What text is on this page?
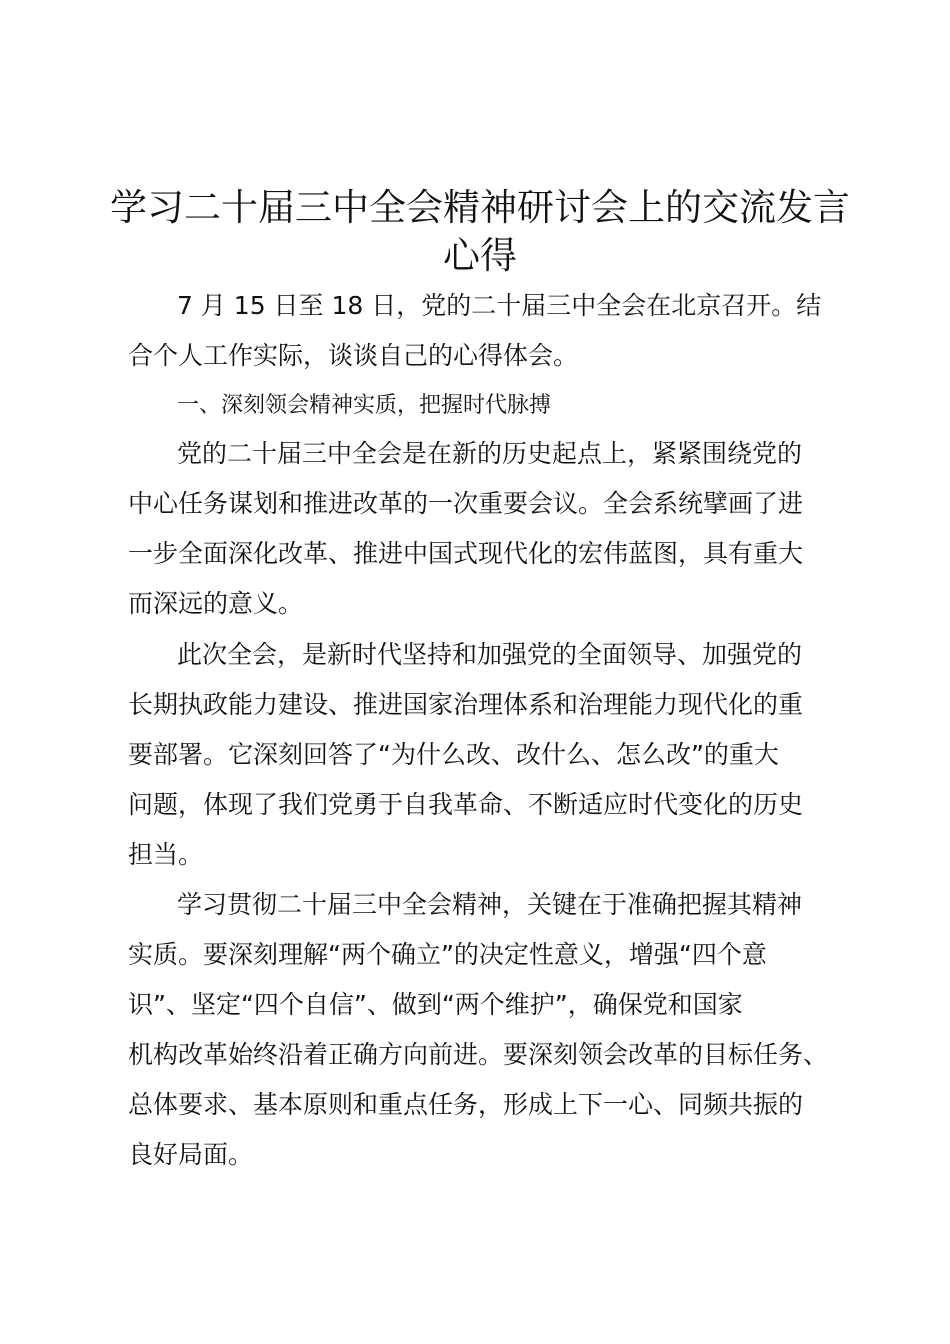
学习二十届三中全会精神研讨会上的交流发言
心得

7 月 15 日至 18 日，党的二十届三中全会在北京召开。结

合个人工作实际，谈谈自己的心得体会。

一、深刻领会精神实质，把握时代脉搏

党的二十届三中全会是在新的历史起点上，紧紧围绕党的

中心任务谋划和推进改革的一次重要会议。全会系统擘画了进

一步全面深化改革、推进中国式现代化的宏伟蓝图，具有重大

而深远的意义。

此次全会，是新时代坚持和加强党的全面领导、加强党的

长期执政能力建设、推进国家治理体系和治理能力现代化的重

要部署。它深刻回答了“为什么改、改什么、怎么改”的重大

问题，体现了我们党勇于自我革命、不断适应时代变化的历史

担当。

学习贯彻二十届三中全会精神，关键在于准确把握其精神

实质。要深刻理解“两个确立”的决定性意义，增强“四个意

识”、坚定“四个自信”、做到“两个维护”，确保党和国家

机构改革始终沿着正确方向前进。要深刻领会改革的目标任务、

总体要求、基本原则和重点任务，形成上下一心、同频共振的

良好局面。
